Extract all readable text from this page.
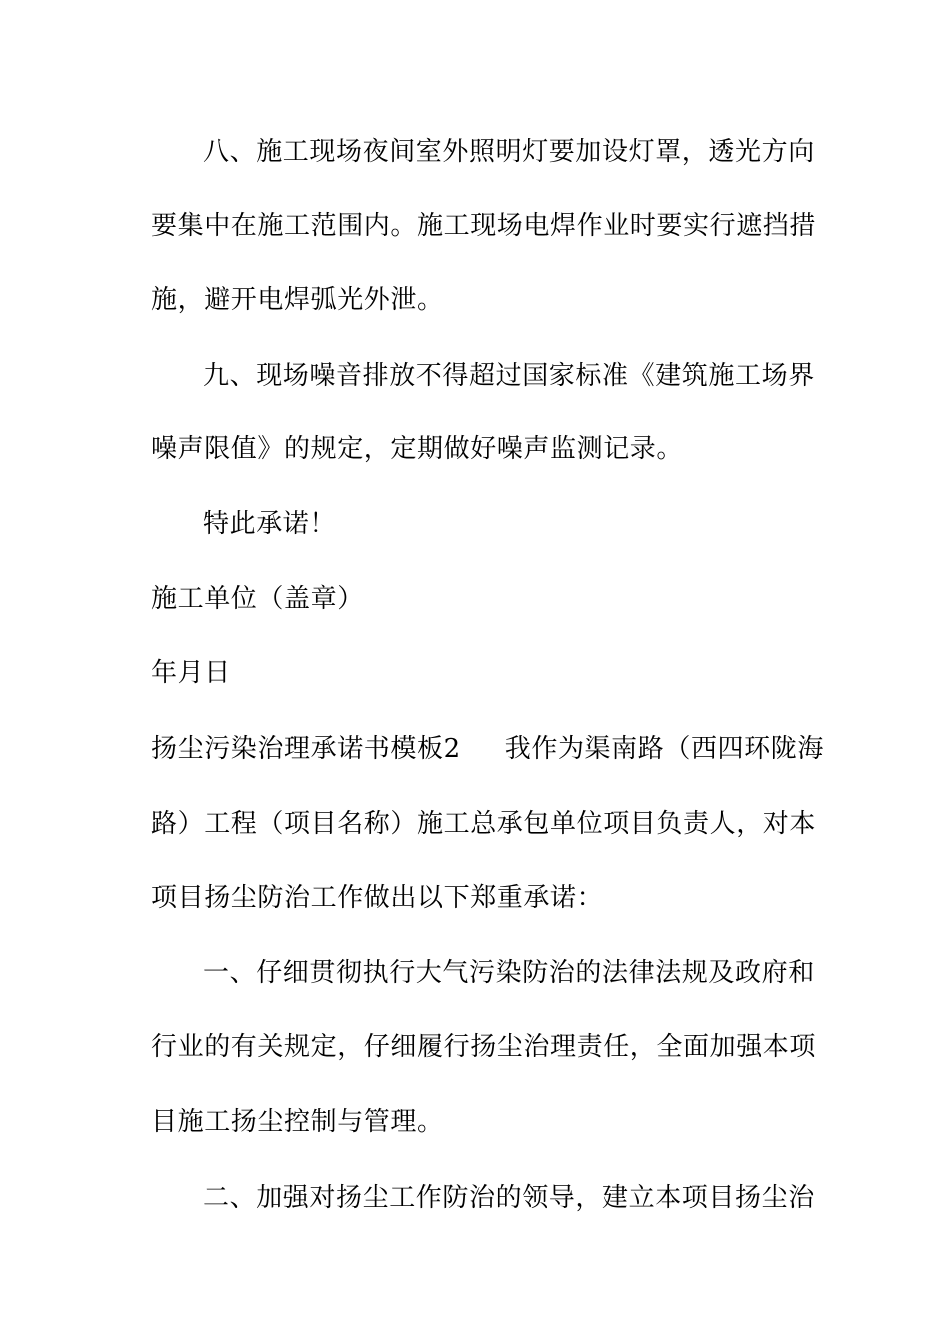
八、施工现场夜间室外照明灯要加设灯罩，透光方向
要集中在施工范围内。施工现场电焊作业时要实行遮挡措
施，避开电焊弧光外泄。
九、现场噪音排放不得超过国家标准《建筑施工场界
噪声限值》的规定，定期做好噪声监测记录。
特此承诺！
施工单位（盖章）
年月日
扬尘污染治理承诺书模板2 我作为渠南路（西四环陇海
路）工程（项目名称）施工总承包单位项目负责人，对本
项目扬尘防治工作做出以下郑重承诺：
一、仔细贯彻执行大气污染防治的法律法规及政府和
行业的有关规定，仔细履行扬尘治理责任，全面加强本项
目施工扬尘控制与管理。
二、加强对扬尘工作防治的领导，建立本项目扬尘治
